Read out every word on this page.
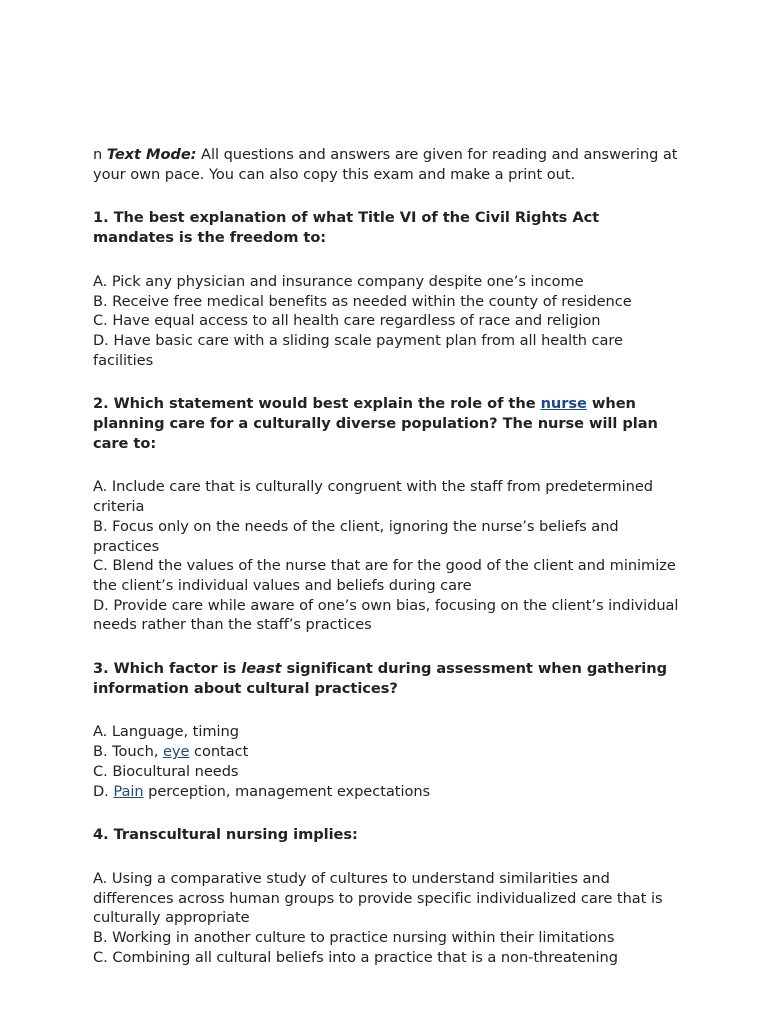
n Text Mode: All questions and answers are given for reading and answering at your own pace. You can also copy this exam and make a print out.

1. The best explanation of what Title VI of the Civil Rights Act mandates is the freedom to:

A. Pick any physician and insurance company despite one’s income
B. Receive free medical benefits as needed within the county of residence
C. Have equal access to all health care regardless of race and religion
D. Have basic care with a sliding scale payment plan from all health care facilities

2. Which statement would best explain the role of the nurse when planning care for a culturally diverse population? The nurse will plan care to:

A. Include care that is culturally congruent with the staff from predetermined criteria
B. Focus only on the needs of the client, ignoring the nurse’s beliefs and practices
C. Blend the values of the nurse that are for the good of the client and minimize the client’s individual values and beliefs during care
D. Provide care while aware of one’s own bias, focusing on the client’s individual needs rather than the staff’s practices

3. Which factor is least significant during assessment when gathering information about cultural practices?

A. Language, timing
B. Touch, eye contact
C. Biocultural needs
D. Pain perception, management expectations

4. Transcultural nursing implies:

A. Using a comparative study of cultures to understand similarities and differences across human groups to provide specific individualized care that is culturally appropriate
B. Working in another culture to practice nursing within their limitations
C. Combining all cultural beliefs into a practice that is a non-threatening
